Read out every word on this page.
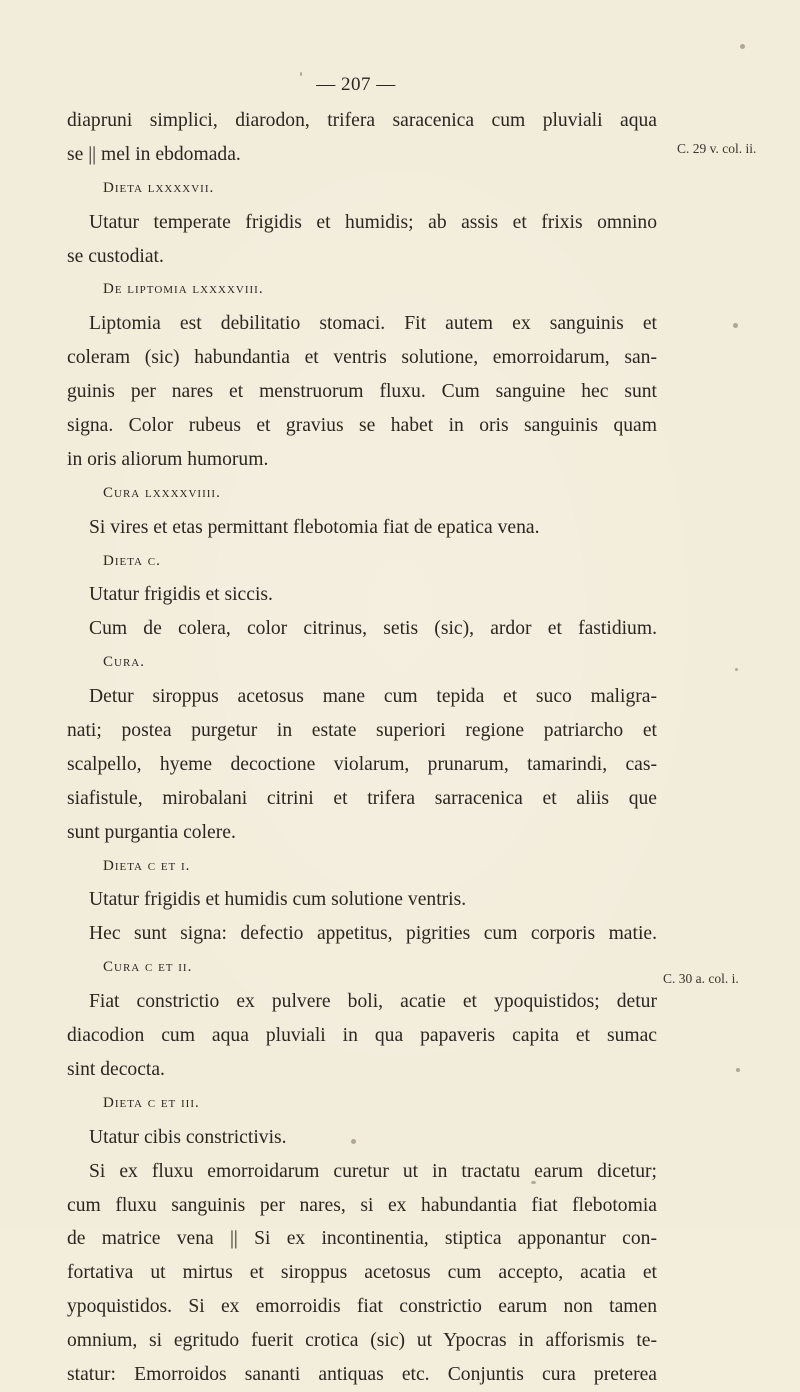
— 207 —
diapruni simplici, diarodon, trifera saracenica cum pluviali aqua
se || mel in ebdomada.
Dieta lxxxxvii.
Utatur temperate frigidis et humidis; ab assis et frixis omnino
se custodiat.
De liptomia lxxxxviii.
Liptomia est debilitatio stomaci. Fit autem ex sanguinis et
coleram (sic) habundantia et ventris solutione, emorroidarum, san-
guinis per nares et menstruorum fluxu. Cum sanguine hec sunt
signa. Color rubeus et gravius se habet in oris sanguinis quam
in oris aliorum humorum.
Cura lxxxxviiii.
Si vires et etas permittant flebotomia fiat de epatica vena.
Dieta c.
Utatur frigidis et siccis.
Cum de colera, color citrinus, setis (sic), ardor et fastidium.
Cura.
Detur siroppus acetosus mane cum tepida et suco maligra-
nati; postea purgetur in estate superiori regione patriarcho et
scalpello, hyeme decoctione violarum, prunarum, tamarindi, cas-
siafistule, mirobalani citrini et trifera sarracenica et aliis que
sunt purgantia colere.
Dieta c et i.
Utatur frigidis et humidis cum solutione ventris.
Hec sunt signa: defectio appetitus, pigrities cum corporis matie.
Cura c et ii.
Fiat constrictio ex pulvere boli, acatie et ypoquistidos; detur
diacodion cum aqua pluviali in qua papaveris capita et sumac
sint decocta.
Dieta c et iii.
Utatur cibis constrictivis.
Si ex fluxu emorroidarum curetur ut in tractatu earum dicetur;
cum fluxu sanguinis per nares, si ex habundantia fiat flebotomia
de matrice vena || Si ex incontinentia, stiptica apponantur con-
fortativa ut mirtus et siroppus acetosus cum accepto, acatia et
ypoquistidos. Si ex emorroidis fiat constrictio earum non tamen
omnium, si egritudo fuerit crotica (sic) ut Ypocras in afforismis te-
statur: Emorroidos sananti antiquas etc. Conjuntis cura preterea
C. 29 v. col. ii.
C. 30 a. col. i.
